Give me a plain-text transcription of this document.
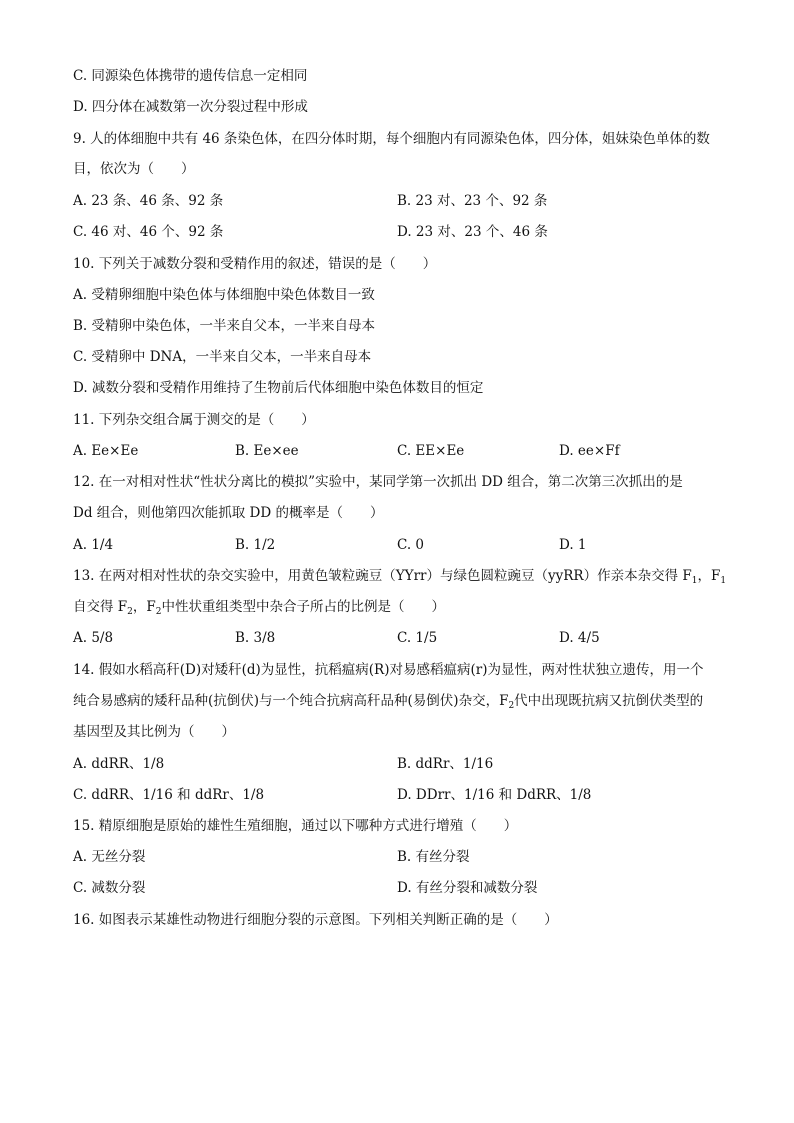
C. 同源染色体携带的遗传信息一定相同
D. 四分体在减数第一次分裂过程中形成
9. 人的体细胞中共有 46 条染色体，在四分体时期，每个细胞内有同源染色体，四分体，姐妹染色单体的数
目，依次为（　　）
A. 23 条、46 条、92 条	B. 23 对、23 个、92 条
C. 46 对、46 个、92 条	D. 23 对、23 个、46 条
10. 下列关于减数分裂和受精作用的叙述，错误的是（　　）
A. 受精卵细胞中染色体与体细胞中染色体数目一致
B. 受精卵中染色体，一半来自父本，一半来自母本
C. 受精卵中 DNA，一半来自父本，一半来自母本
D. 减数分裂和受精作用维持了生物前后代体细胞中染色体数目的恒定
11. 下列杂交组合属于测交的是（　　）
A. Ee×Ee	B. Ee×ee	C. EE×Ee	D. ee×Ff
12. 在一对相对性状“性状分离比的模拟”实验中，某同学第一次抓出 DD 组合，第二次第三次抓出的是
Dd 组合，则他第四次能抓取 DD 的概率是（　　）
A. 1/4	B. 1/2	C. 0	D. 1
13. 在两对相对性状的杂交实验中，用黄色皱粒豌豆（YYrr）与绿色圆粒豌豆（yyRR）作亲本杂交得 $F_1$，$F_1$
自交得 $F_2$，$F_2$中性状重组类型中杂合子所占的比例是（　　）
A. 5/8	B. 3/8	C. 1/5	D. 4/5
14. 假如水稻高秆(D)对矮秆(d)为显性，抗稻瘟病(R)对易感稻瘟病(r)为显性，两对性状独立遗传，用一个
纯合易感病的矮秆品种(抗倒伏)与一个纯合抗病高秆品种(易倒伏)杂交，$F_2$代中出现既抗病又抗倒伏类型的
基因型及其比例为（　　）
A. ddRR、1/8	B. ddRr、1/16
C. ddRR、1/16 和 ddRr、1/8	D. DDrr、1/16 和 DdRR、1/8
15. 精原细胞是原始的雄性生殖细胞，通过以下哪种方式进行增殖（　　）
A. 无丝分裂	B. 有丝分裂
C. 减数分裂	D. 有丝分裂和减数分裂
16. 如图表示某雄性动物进行细胞分裂的示意图。下列相关判断正确的是（　　）
